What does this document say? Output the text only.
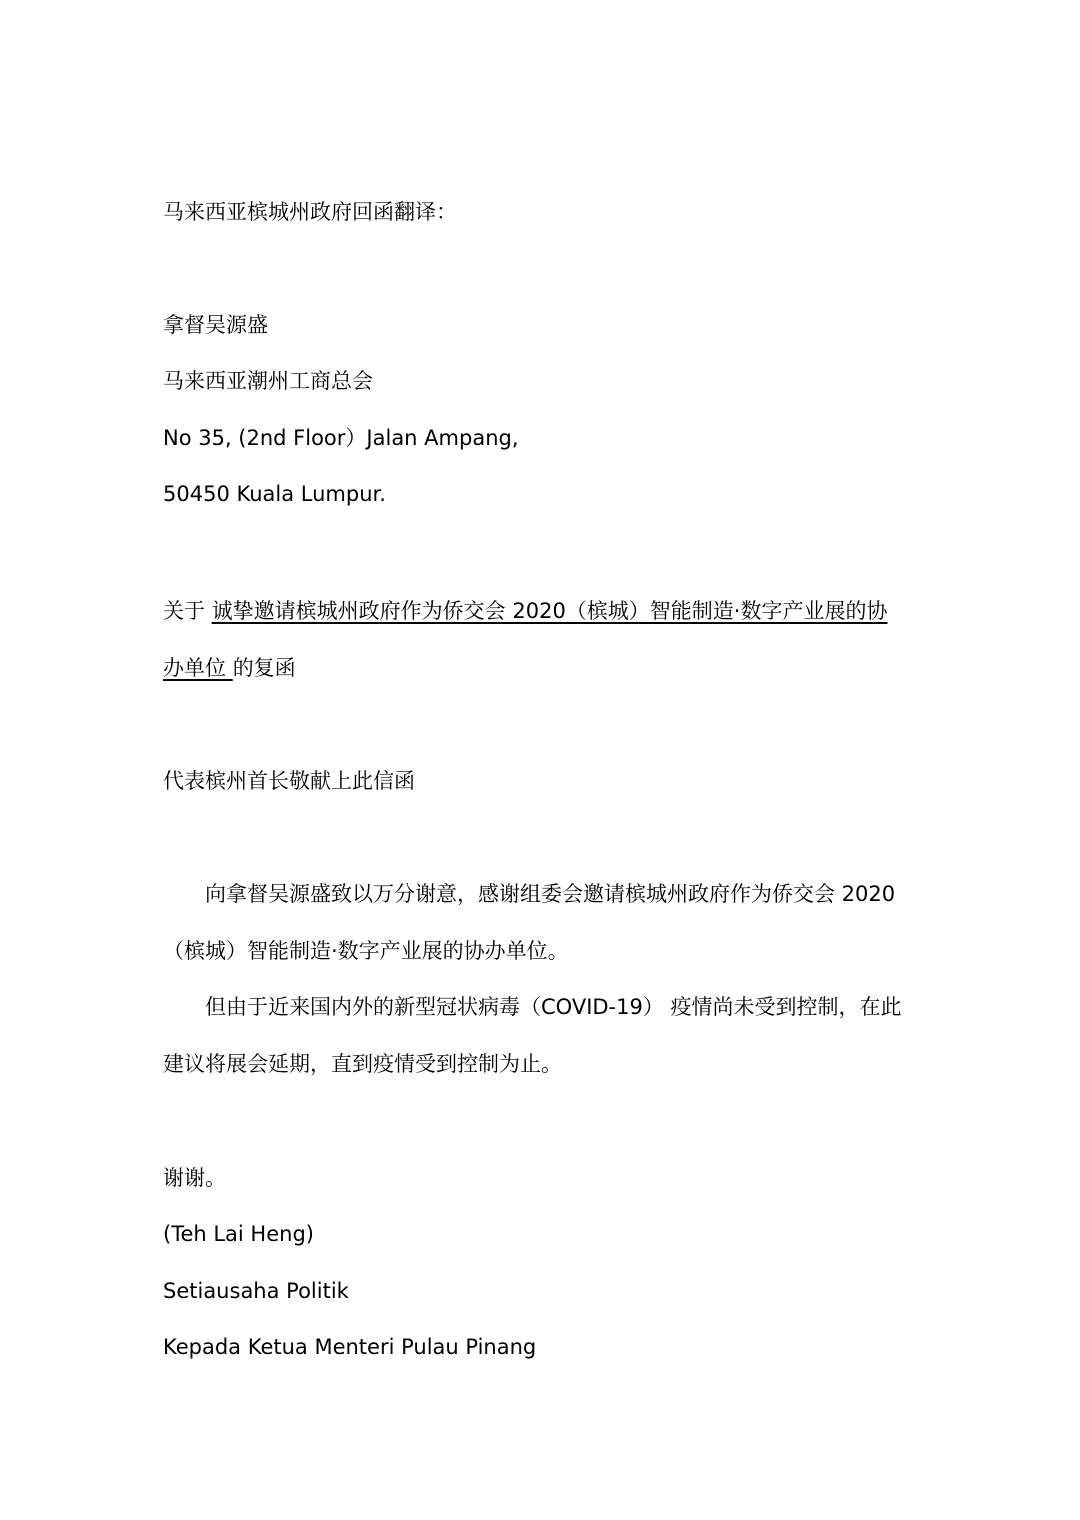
马来西亚槟城州政府回函翻译：
拿督吴源盛
马来西亚潮州工商总会
No 35, (2nd Floor）Jalan Ampang,
50450 Kuala Lumpur.
关于 诚挚邀请槟城州政府作为侨交会 2020（槟城）智能制造·数字产业展的协
办单位 的复函
代表槟州首长敬献上此信函
向拿督吴源盛致以万分谢意，感谢组委会邀请槟城州政府作为侨交会 2020
（槟城）智能制造·数字产业展的协办单位。
但由于近来国内外的新型冠状病毒（COVID-19） 疫情尚未受到控制，在此
建议将展会延期，直到疫情受到控制为止。
谢谢。
(Teh Lai Heng)
Setiausaha Politik
Kepada Ketua Menteri Pulau Pinang
